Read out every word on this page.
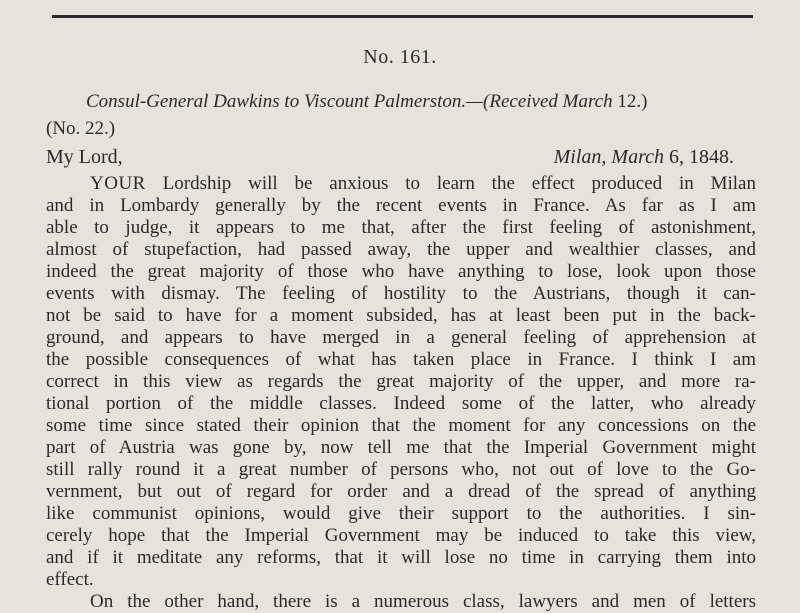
No. 161.
Consul-General Dawkins to Viscount Palmerston.—(Received March 12.)
(No. 22.)
My Lord,	Milan, March 6, 1848.
YOUR Lordship will be anxious to learn the effect produced in Milan
and in Lombardy generally by the recent events in France. As far as I am
able to judge, it appears to me that, after the first feeling of astonishment,
almost of stupefaction, had passed away, the upper and wealthier classes, and
indeed the great majority of those who have anything to lose, look upon those
events with dismay. The feeling of hostility to the Austrians, though it can-
not be said to have for a moment subsided, has at least been put in the back-
ground, and appears to have merged in a general feeling of apprehension at
the possible consequences of what has taken place in France. I think I am
correct in this view as regards the great majority of the upper, and more ra-
tional portion of the middle classes. Indeed some of the latter, who already
some time since stated their opinion that the moment for any concessions on the
part of Austria was gone by, now tell me that the Imperial Government might
still rally round it a great number of persons who, not out of love to the Go-
vernment, but out of regard for order and a dread of the spread of anything
like communist opinions, would give their support to the authorities. I sin-
cerely hope that the Imperial Government may be induced to take this view,
and if it meditate any reforms, that it will lose no time in carrying them into
effect.
On the other hand, there is a numerous class, lawyers and men of letters
